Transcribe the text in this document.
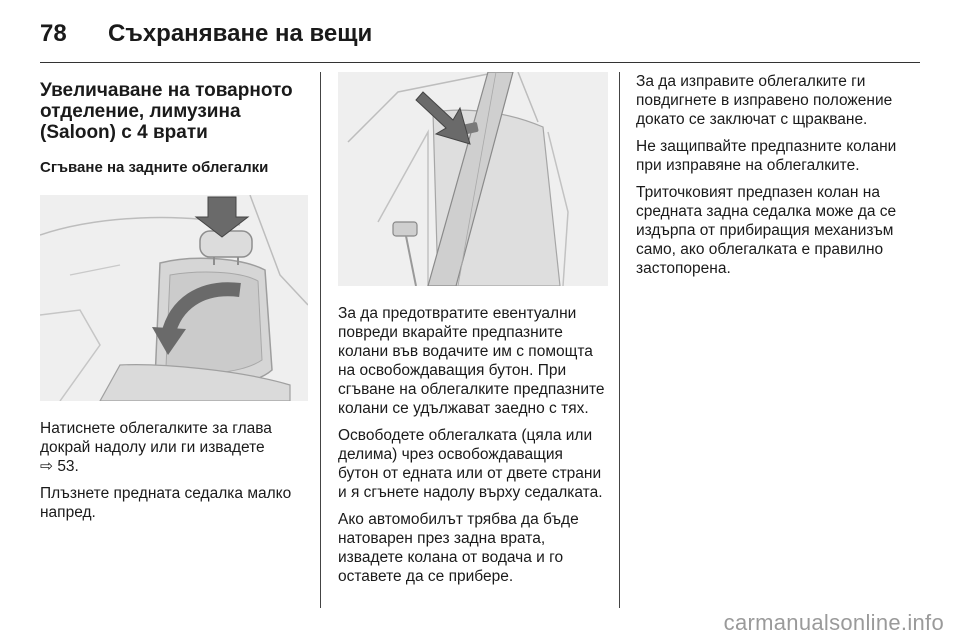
78	Съхраняване на вещи
Увеличаване на товарното отделение, лимузина (Saloon) с 4 врати
Сгъване на задните облегалки

Натиснете облегалките за глава докрай надолу или ги извадете
⇨ 53.

Плъзнете предната седалка малко напред.

За да предотвратите евентуални повреди вкарайте предпазните колани във водачите им с помощта на освобождаващия бутон. При сгъване на облегалките предпазните колани се удължават заедно с тях.

Освободете облегалката (цяла или делима) чрез освобождаващия бутон от едната или от двете страни и я сгънете надолу върху седалката.

Ако автомобилът трябва да бъде натоварен през задна врата, извадете колана от водача и го оставете да се прибере.

За да изправите облегалките ги повдигнете в изправено положение докато се заключат с щракване.

Не защипвайте предпазните колани при изправяне на облегалките.

Триточковият предпазен колан на средната задна седалка може да се издърпа от прибиращия механизъм само, ако облегалката е правилно застопорена.

carmanualsonline.info
